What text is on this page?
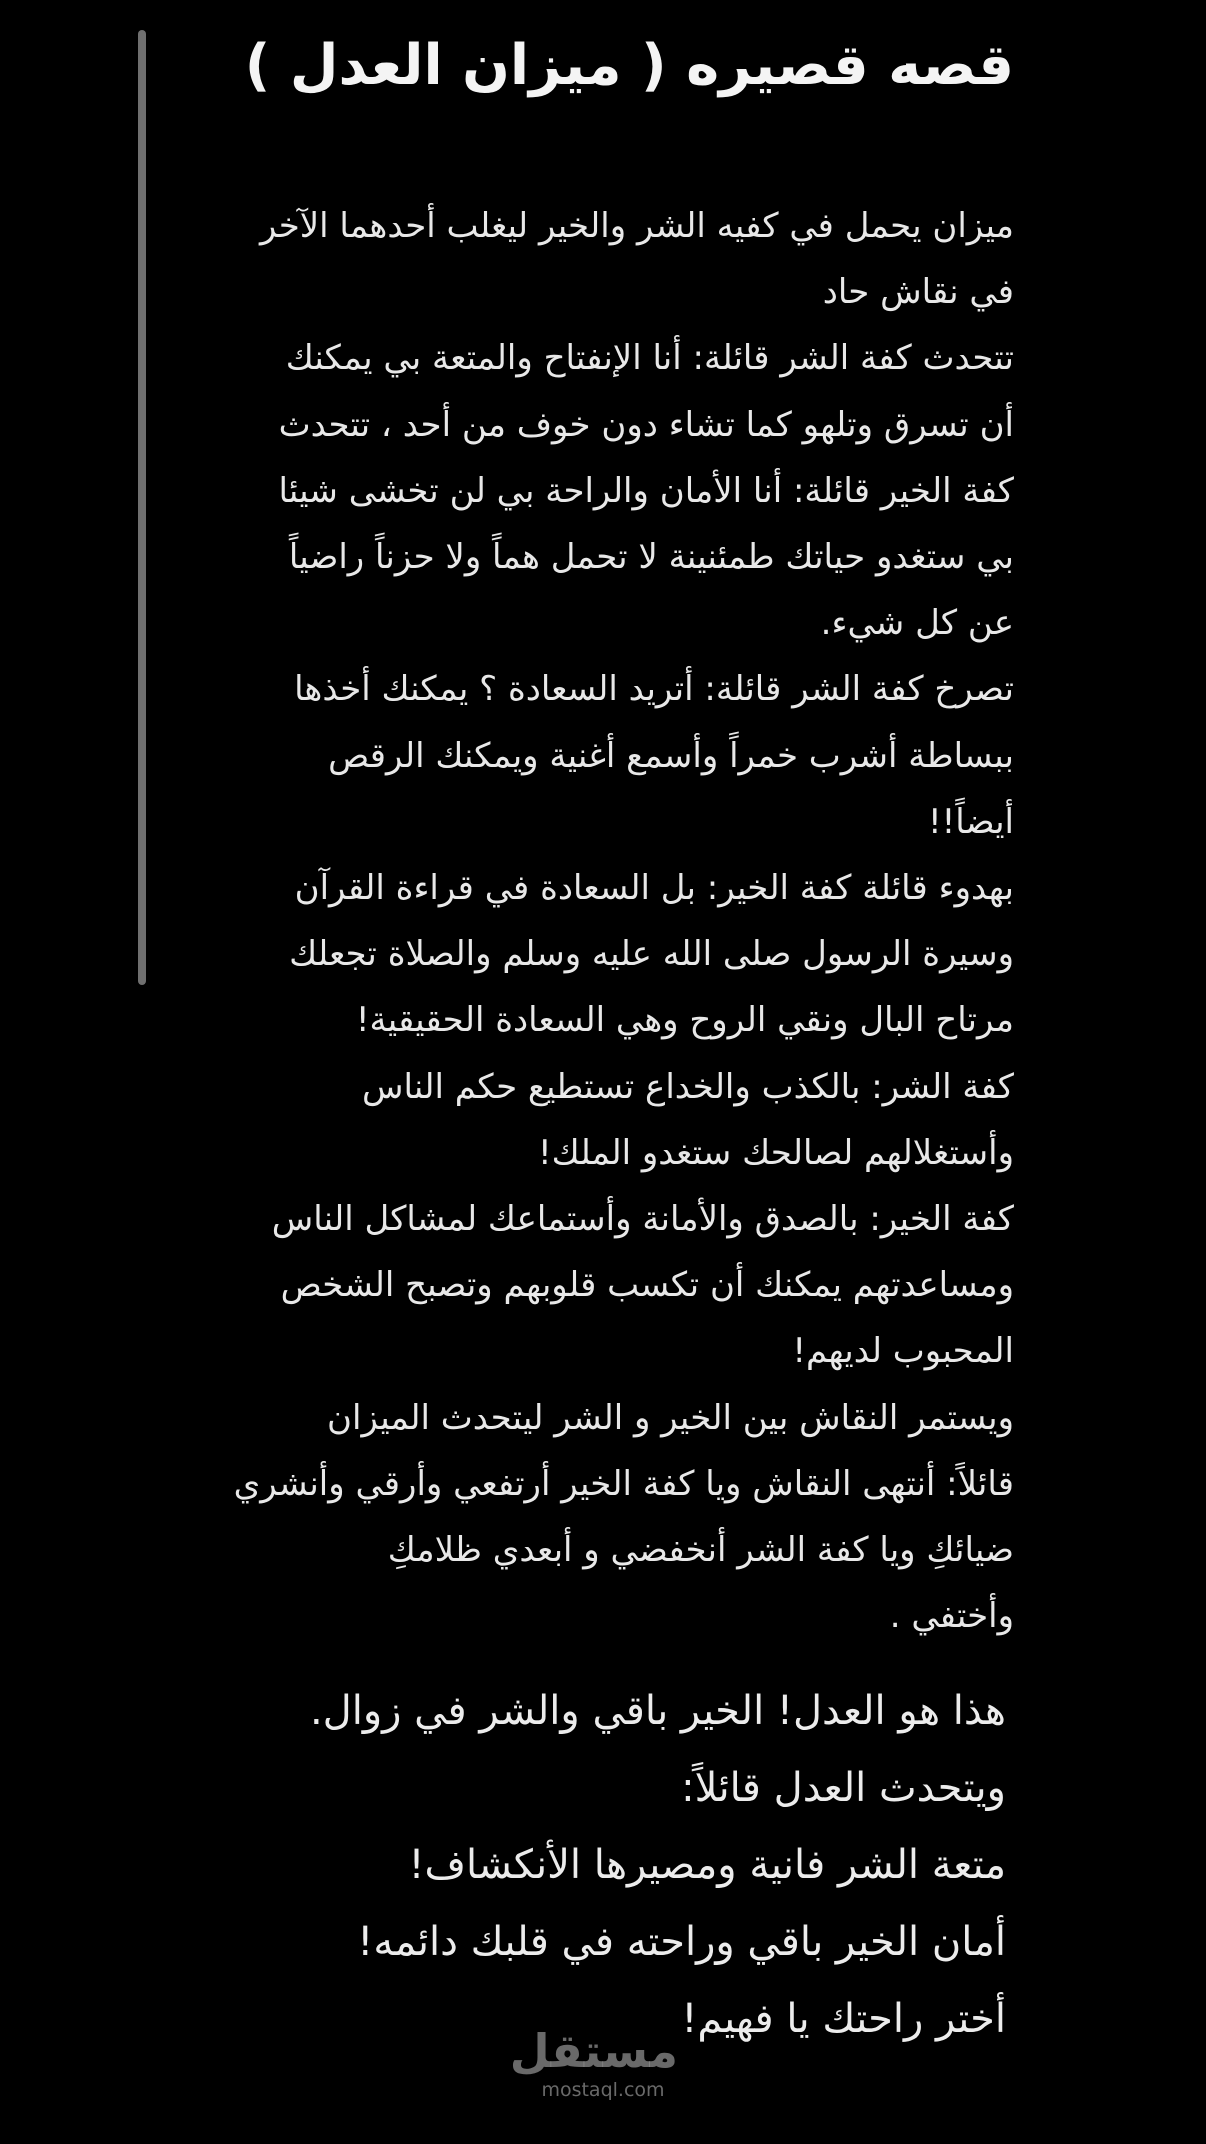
قصه قصيره ( ميزان العدل )
ميزان يحمل في كفيه الشر والخير ليغلب أحدهما الآخر
في نقاش حاد
تتحدث كفة الشر قائلة: أنا الإنفتاح والمتعة بي يمكنك
أن تسرق وتلهو كما تشاء دون خوف من أحد ، تتحدث
كفة الخير قائلة: أنا الأمان والراحة بي لن تخشى شيئا
بي ستغدو حياتك طمئنينة لا تحمل هماً ولا حزناً راضياً
عن كل شيء.
تصرخ كفة الشر قائلة: أتريد السعادة ؟ يمكنك أخذها
ببساطة أشرب خمراً وأسمع أغنية ويمكنك الرقص
أيضاً!!
بهدوء قائلة كفة الخير: بل السعادة في قراءة القرآن
وسيرة الرسول صلى الله عليه وسلم والصلاة تجعلك
مرتاح البال ونقي الروح وهي السعادة الحقيقية!
كفة الشر: بالكذب والخداع تستطيع حكم الناس
وأستغلالهم لصالحك ستغدو الملك!
كفة الخير: بالصدق والأمانة وأستماعك لمشاكل الناس
ومساعدتهم يمكنك أن تكسب قلوبهم وتصبح الشخص
المحبوب لديهم!
ويستمر النقاش بين الخير و الشر ليتحدث الميزان
قائلاً: أنتهى النقاش ويا كفة الخير أرتفعي وأرقي وأنشري
ضيائكِ ويا كفة الشر أنخفضي و أبعدي ظلامكِ
وأختفي .
هذا هو العدل! الخير باقي والشر في زوال.
ويتحدث العدل قائلاً:
متعة الشر فانية ومصيرها الأنكشاف!
أمان الخير باقي وراحته في قلبك دائمه!
أختر راحتك يا فهيم!
مستقل
mostaql.com
